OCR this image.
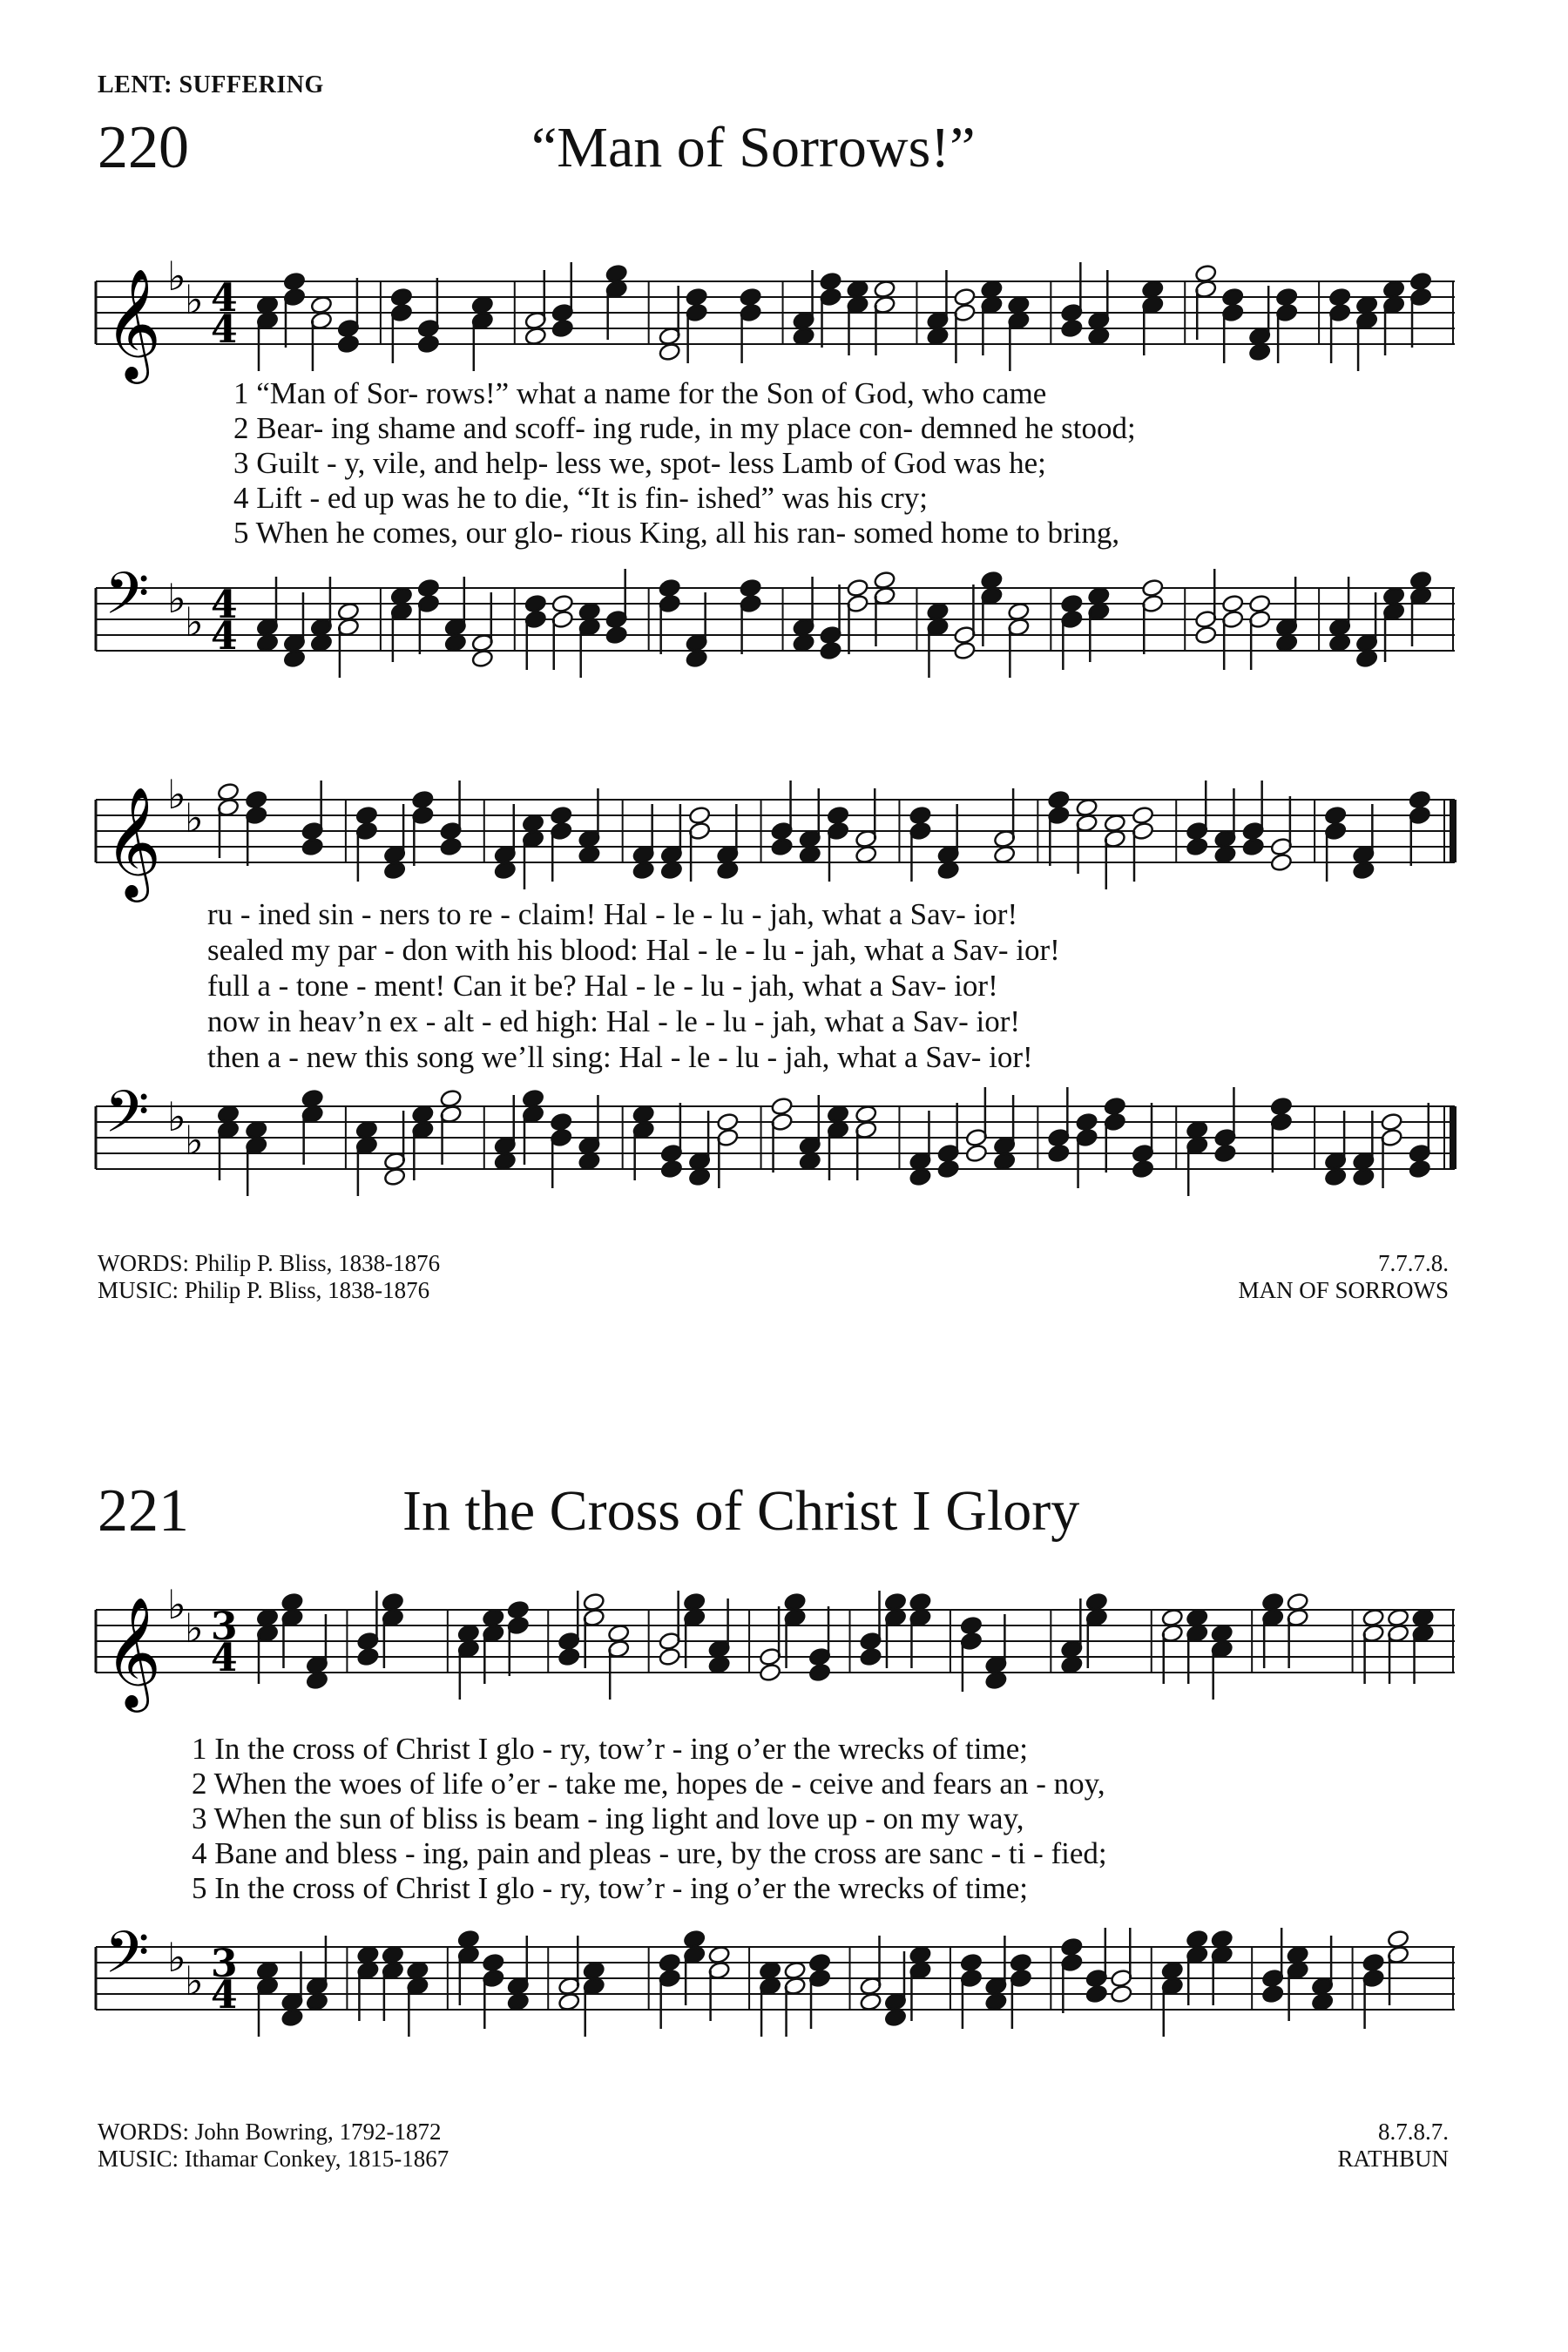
LENT: SUFFERING
220	“Man of Sorrows!”
𝄞 ♭
♭ 4
4
1 “Man of Sor- rows!” what a name for the Son of God, who came
2 Bear- ing shame and scoff- ing rude, in my place con- demned he stood;
3 Guilt - y, vile, and help- less we, spot- less Lamb of God was he;
4 Lift - ed up was he to die, “It is fin- ished” was his cry;
5 When he comes, our glo- rious King, all his ran- somed home to bring,
𝄢 ♭
♭ 4
4
𝄞 ♭
♭
ru - ined sin - ners to re - claim! Hal - le - lu - jah, what a Sav- ior!
sealed my par - don with his blood: Hal - le - lu - jah, what a Sav- ior!
full a - tone - ment! Can it be? Hal - le - lu - jah, what a Sav- ior!
now in heav’n ex - alt - ed high: Hal - le - lu - jah, what a Sav- ior!
then a - new this song we’ll sing: Hal - le - lu - jah, what a Sav- ior!
𝄢 ♭
♭
WORDS: Philip P. Bliss, 1838-1876
MUSIC: Philip P. Bliss, 1838-1876
7.7.7.8.
MAN OF SORROWS
221	In the Cross of Christ I Glory
𝄞 ♭
♭ 3
4
1 In the cross of Christ I glo - ry, tow’r - ing o’er the wrecks of time;
2 When the woes of life o’er - take me, hopes de - ceive and fears an - noy,
3 When the sun of bliss is beam - ing light and love up - on my way,
4 Bane and bless - ing, pain and pleas - ure, by the cross are sanc - ti - fied;
5 In the cross of Christ I glo - ry, tow’r - ing o’er the wrecks of time;
𝄢 ♭
♭ 3
4
WORDS: John Bowring, 1792-1872
MUSIC: Ithamar Conkey, 1815-1867
8.7.8.7.
RATHBUN
